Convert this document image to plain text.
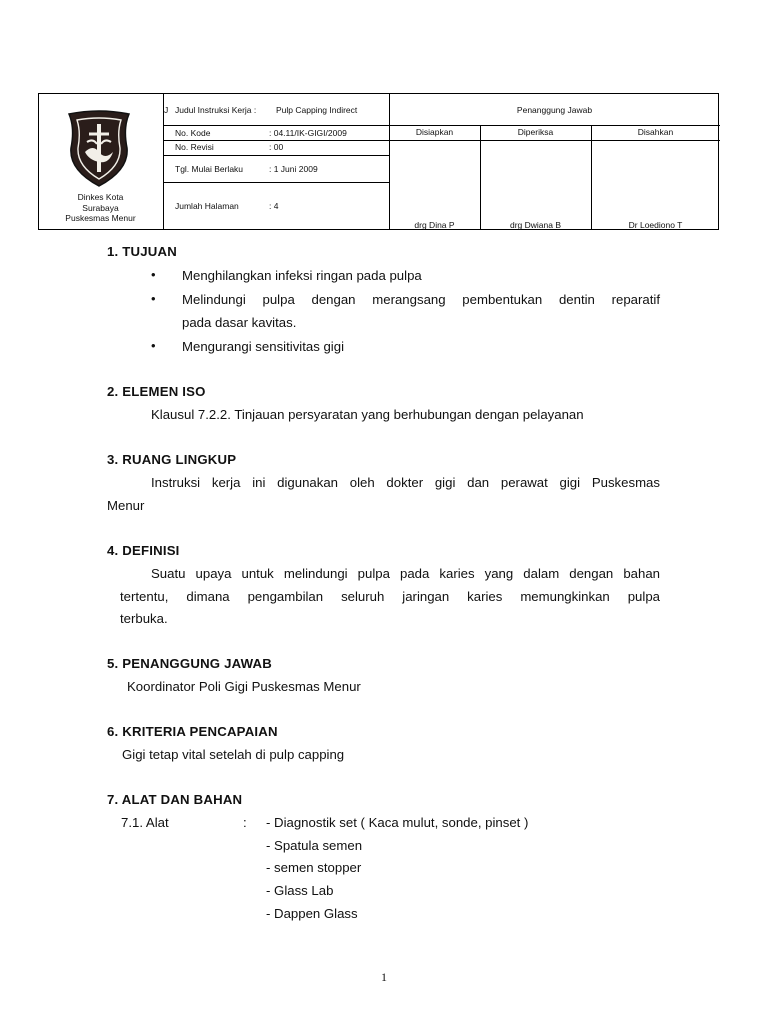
Dinkes Kota
Surabaya
Puskesmas Menur
J Judul Instruksi Kerja : Pulp Capping Indirect
No. Kode	: 04.11/IK-GIGI/2009
No. Revisi	: 00
Tgl. Mulai Berlaku	: 1 Juni 2009
Jumlah Halaman	: 4
Penanggung Jawab
Disiapkan	Diperiksa	Disahkan
drg Dina P	drg Dwiana B	Dr Loediono T
1. TUJUAN
• Menghilangkan infeksi ringan pada pulpa
• Melindungi pulpa dengan merangsang pembentukan dentin reparatif
pada dasar kavitas.
• Mengurangi sensitivitas gigi
2. ELEMEN ISO
Klausul 7.2.2. Tinjauan persyaratan yang berhubungan dengan pelayanan
3. RUANG LINGKUP
Instruksi kerja ini digunakan oleh dokter gigi dan perawat gigi Puskesmas
Menur
4. DEFINISI
Suatu upaya untuk melindungi pulpa pada karies yang dalam dengan bahan
tertentu, dimana pengambilan seluruh jaringan karies memungkinkan pulpa
terbuka.
5. PENANGGUNG JAWAB
Koordinator Poli Gigi Puskesmas Menur
6. KRITERIA PENCAPAIAN
Gigi tetap vital setelah di pulp capping
7. ALAT DAN BAHAN
7.1. Alat	: - Diagnostik set ( Kaca mulut, sonde, pinset )
- Spatula semen
- semen stopper
- Glass Lab
- Dappen Glass
1
